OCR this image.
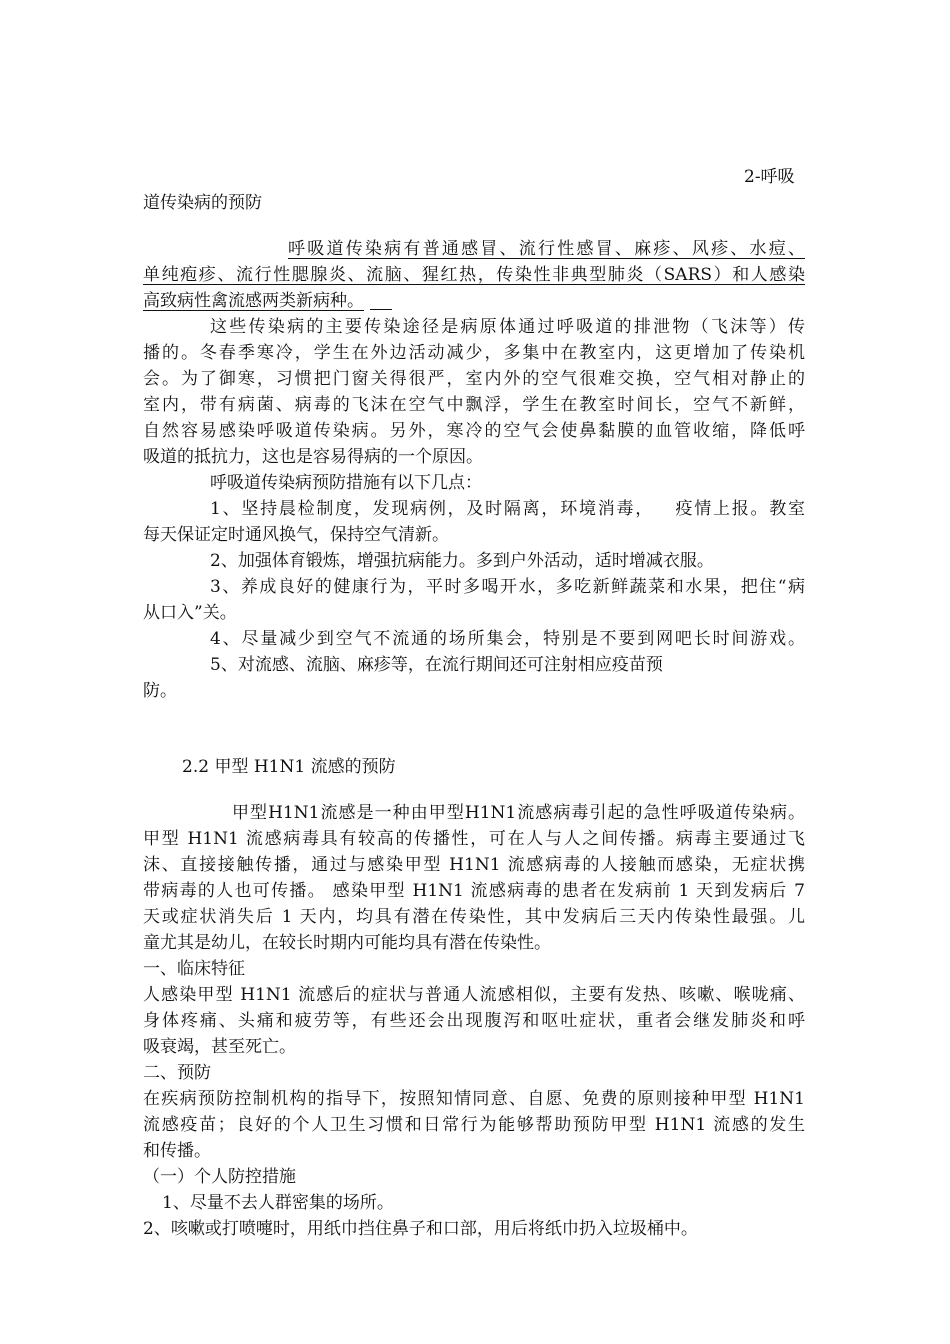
2-呼吸
道传染病的预防
呼吸道传染病有普通感冒、流行性感冒、麻疹、风疹、水痘、
单纯疱疹、流行性腮腺炎、流脑、猩红热，传染性非典型肺炎（SARS）和人感染
高致病性禽流感两类新病种。
这些传染病的主要传染途径是病原体通过呼吸道的排泄物（飞沫等）传
播的。冬春季寒冷，学生在外边活动减少，多集中在教室内，这更增加了传染机
会。为了御寒，习惯把门窗关得很严，室内外的空气很难交换，空气相对静止的
室内，带有病菌、病毒的飞沫在空气中飘浮，学生在教室时间长，空气不新鲜，
自然容易感染呼吸道传染病。另外，寒冷的空气会使鼻黏膜的血管收缩，降低呼
吸道的抵抗力，这也是容易得病的一个原因。
呼吸道传染病预防措施有以下几点：
1、坚持晨检制度，发现病例，及时隔离，环境消毒，   疫情上报。教室
每天保证定时通风换气，保持空气清新。
2、加强体育锻炼，增强抗病能力。多到户外活动，适时增减衣服。
3、养成良好的健康行为，平时多喝开水，多吃新鲜蔬菜和水果，把住“病
从口入”关。
4、尽量减少到空气不流通的场所集会，特别是不要到网吧长时间游戏。
5、对流感、流脑、麻疹等，在流行期间还可注射相应疫苗预
防。
2.2 甲型 H1N1 流感的预防
甲型H1N1流感是一种由甲型H1N1流感病毒引起的急性呼吸道传染病。
甲型 H1N1 流感病毒具有较高的传播性，可在人与人之间传播。病毒主要通过飞
沫、直接接触传播，通过与感染甲型 H1N1 流感病毒的人接触而感染，无症状携
带病毒的人也可传播。 感染甲型 H1N1 流感病毒的患者在发病前 1 天到发病后 7
天或症状消失后 1 天内，均具有潜在传染性，其中发病后三天内传染性最强。儿
童尤其是幼儿，在较长时期内可能均具有潜在传染性。
一、临床特征
人感染甲型 H1N1 流感后的症状与普通人流感相似，主要有发热、咳嗽、喉咙痛、
身体疼痛、头痛和疲劳等，有些还会出现腹泻和呕吐症状，重者会继发肺炎和呼
吸衰竭，甚至死亡。
二、预防
在疾病预防控制机构的指导下，按照知情同意、自愿、免费的原则接种甲型 H1N1
流感疫苗；良好的个人卫生习惯和日常行为能够帮助预防甲型 H1N1 流感的发生
和传播。
（一）个人防控措施
1、尽量不去人群密集的场所。
2、咳嗽或打喷嚏时，用纸巾挡住鼻子和口部，用后将纸巾扔入垃圾桶中。
